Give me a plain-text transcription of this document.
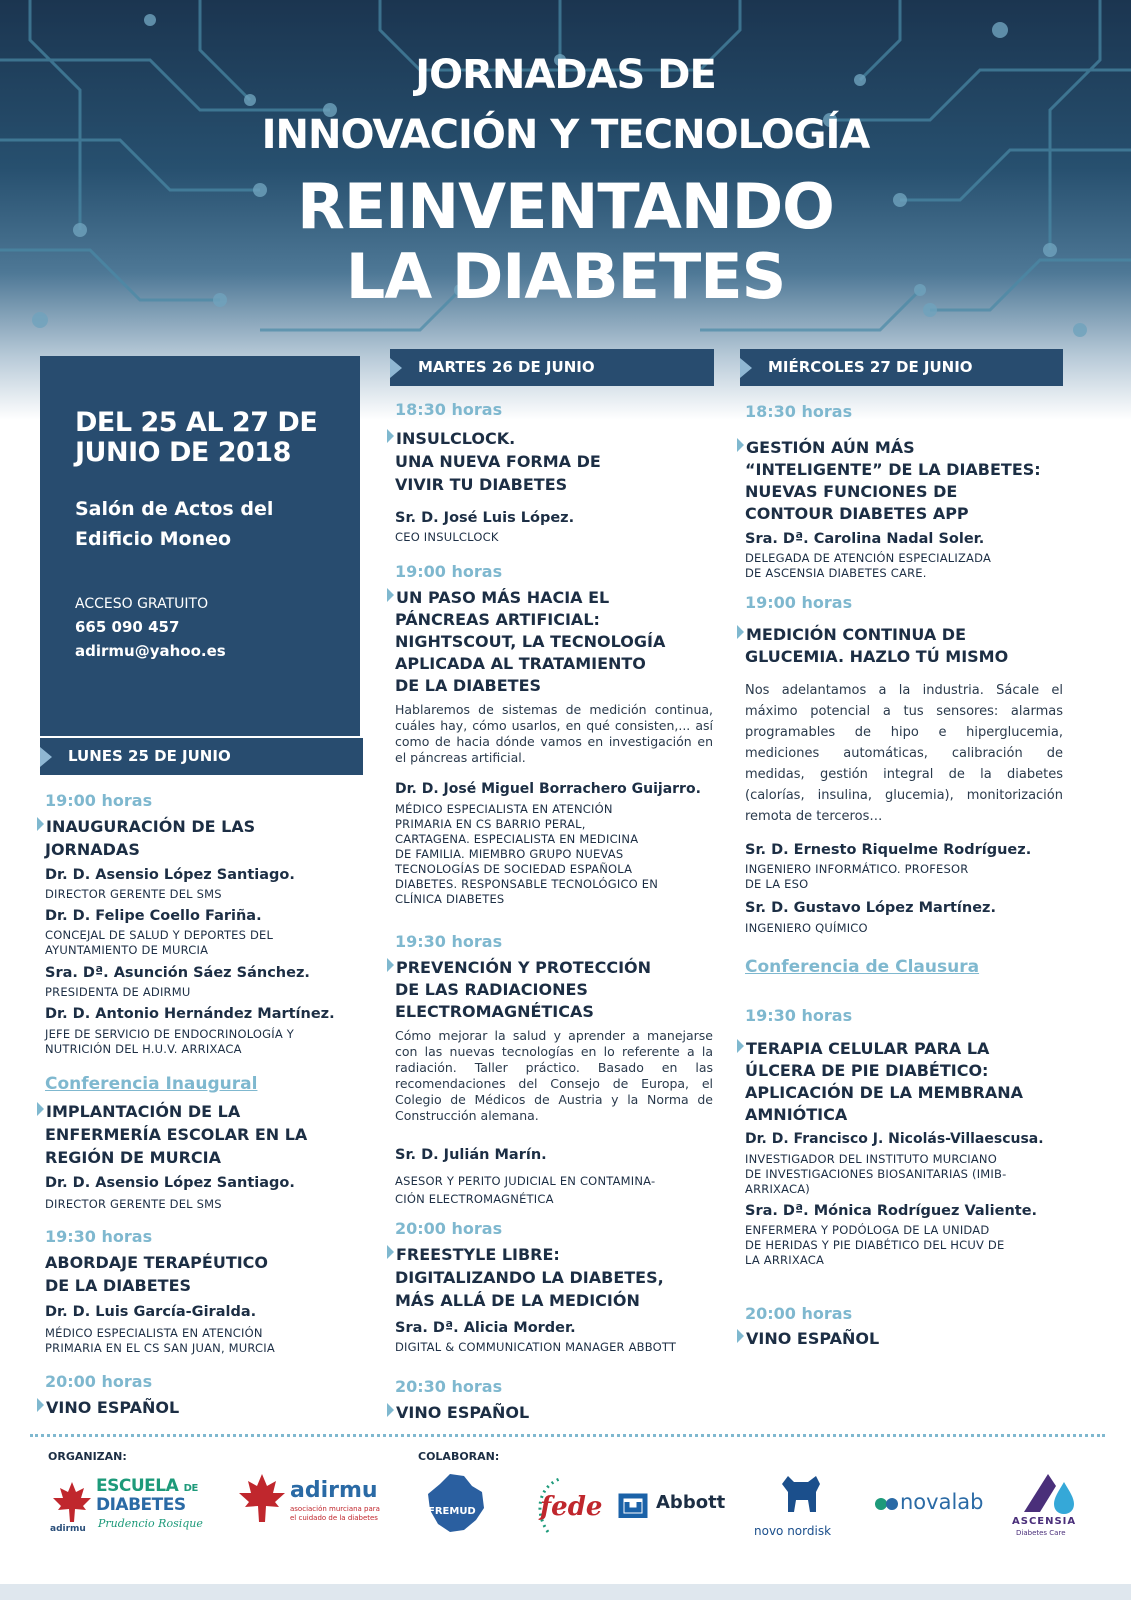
JORNADAS DE
INNOVACIÓN Y TECNOLOGÍA
REINVENTANDO
LA DIABETES
DEL 25 AL 27 DE
JUNIO DE 2018
Salón de Actos del
Edificio Moneo
ACCESO GRATUITO
665 090 457
adirmu@yahoo.es
LUNES 25 DE JUNIO
MARTES 26 DE JUNIO	MIÉRCOLES 27 DE JUNIO
19:00 horas
INAUGURACIÓN DE LAS
JORNADAS
Dr. D. Asensio López Santiago.
DIRECTOR GERENTE DEL SMS
Dr. D. Felipe Coello Fariña.
CONCEJAL DE SALUD Y DEPORTES DEL
AYUNTAMIENTO DE MURCIA
Sra. Dª. Asunción Sáez Sánchez.
PRESIDENTA DE ADIRMU
Dr. D. Antonio Hernández Martínez.
JEFE DE SERVICIO DE ENDOCRINOLOGÍA Y
NUTRICIÓN DEL H.U.V. ARRIXACA
Conferencia Inaugural
IMPLANTACIÓN DE LA
ENFERMERÍA ESCOLAR EN LA
REGIÓN DE MURCIA
Dr. D. Asensio López Santiago.
DIRECTOR GERENTE DEL SMS
19:30 horas
ABORDAJE TERAPÉUTICO
DE LA DIABETES
Dr. D. Luis García-Giralda.
MÉDICO ESPECIALISTA EN ATENCIÓN
PRIMARIA EN EL CS SAN JUAN, MURCIA
20:00 horas
VINO ESPAÑOL
18:30 horas
INSULCLOCK.
UNA NUEVA FORMA DE
VIVIR TU DIABETES
Sr. D. José Luis López.
CEO INSULCLOCK
19:00 horas
UN PASO MÁS HACIA EL
PÁNCREAS ARTIFICIAL:
NIGHTSCOUT, LA TECNOLOGÍA
APLICADA AL TRATAMIENTO
DE LA DIABETES
Hablaremos de sistemas de medición continua, cuáles hay, cómo usarlos, en qué consisten,... así como de hacia dónde vamos en investigación en el páncreas artificial.
Dr. D. José Miguel Borrachero Guijarro.
MÉDICO ESPECIALISTA EN ATENCIÓN
PRIMARIA EN CS BARRIO PERAL,
CARTAGENA. ESPECIALISTA EN MEDICINA
DE FAMILIA. MIEMBRO GRUPO NUEVAS
TECNOLOGÍAS DE SOCIEDAD ESPAÑOLA
DIABETES. RESPONSABLE TECNOLÓGICO EN
CLÍNICA DIABETES
19:30 horas
PREVENCIÓN Y PROTECCIÓN
DE LAS RADIACIONES
ELECTROMAGNÉTICAS
Cómo mejorar la salud y aprender a manejarse con las nuevas tecnologías en lo referente a la radiación. Taller práctico. Basado en las recomendaciones del Consejo de Europa, el Colegio de Médicos de Austria y la Norma de Construcción alemana.
Sr. D. Julián Marín.
ASESOR Y PERITO JUDICIAL EN CONTAMINA-
CIÓN ELECTROMAGNÉTICA
20:00 horas
FREESTYLE LIBRE:
DIGITALIZANDO LA DIABETES,
MÁS ALLÁ DE LA MEDICIÓN
Sra. Dª. Alicia Morder.
DIGITAL & COMMUNICATION MANAGER ABBOTT
20:30 horas
VINO ESPAÑOL
18:30 horas
GESTIÓN AÚN MÁS
“INTELIGENTE” DE LA DIABETES:
NUEVAS FUNCIONES DE
CONTOUR DIABETES APP
Sra. Dª. Carolina Nadal Soler.
DELEGADA DE ATENCIÓN ESPECIALIZADA
DE ASCENSIA DIABETES CARE.
19:00 horas
MEDICIÓN CONTINUA DE
GLUCEMIA. HAZLO TÚ MISMO
Nos adelantamos a la industria. Sácale el máximo potencial a tus sensores: alarmas programables de hipo e hiperglucemia, mediciones automáticas, calibración de medidas, gestión integral de la diabetes (calorías, insulina, glucemia), monitorización remota de terceros…
Sr. D. Ernesto Riquelme Rodríguez.
INGENIERO INFORMÁTICO. PROFESOR
DE LA ESO
Sr. D. Gustavo López Martínez.
INGENIERO QUÍMICO
Conferencia de Clausura
19:30 horas
TERAPIA CELULAR PARA LA
ÚLCERA DE PIE DIABÉTICO:
APLICACIÓN DE LA MEMBRANA
AMNIÓTICA
Dr. D. Francisco J. Nicolás-Villaescusa.
INVESTIGADOR DEL INSTITUTO MURCIANO
DE INVESTIGACIONES BIOSANITARIAS (IMIB-
ARRIXACA)
Sra. Dª. Mónica Rodríguez Valiente.
ENFERMERA Y PODÓLOGA DE LA UNIDAD
DE HERIDAS Y PIE DIABÉTICO DEL HCUV DE
LA ARRIXACA
20:00 horas
VINO ESPAÑOL
ORGANIZAN:	COLABORAN:
ESCUELA DE
DIABETES
adirmu Prudencio Rosique
adirmu
asociación murciana para
el cuidado de la diabetes
FREMUD fede	Abbott
novo nordisk
novalab
ASCENSIA
Diabetes Care
